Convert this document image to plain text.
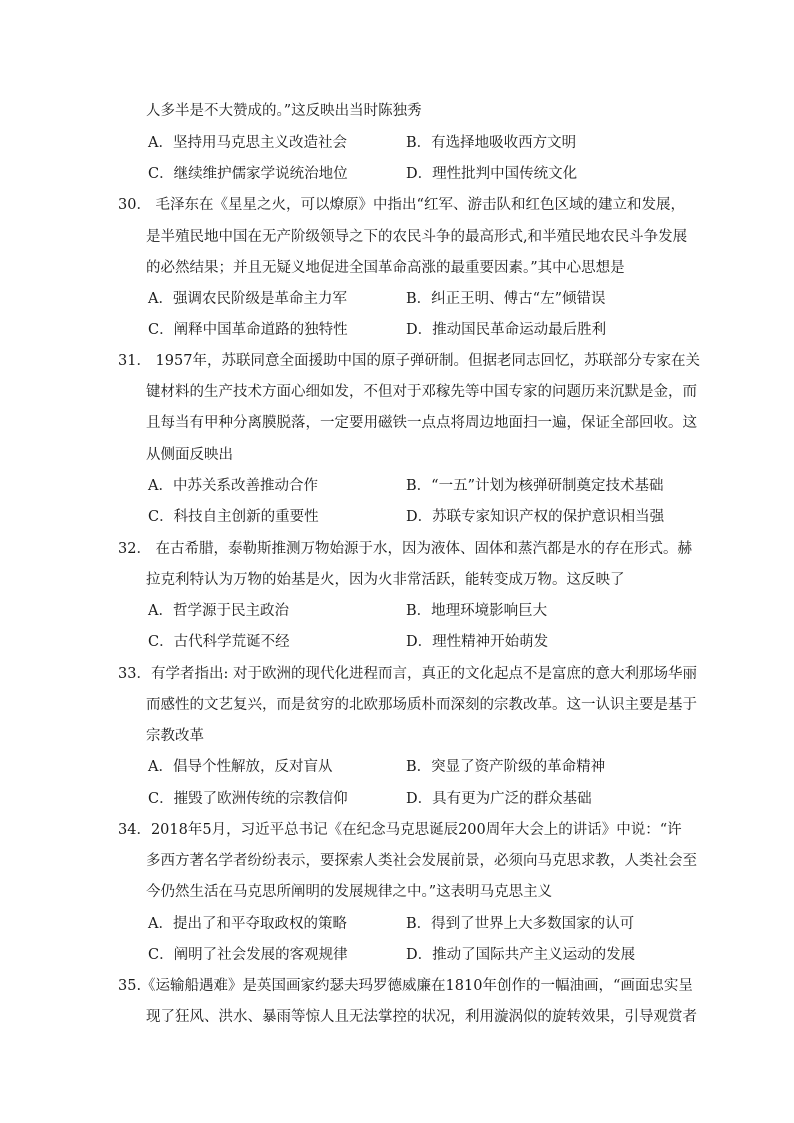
人多半是不大赞成的。”这反映出当时陈独秀
A．坚持用马克思主义改造社会	B．有选择地吸收西方文明
C．继续维护儒家学说统治地位	D．理性批判中国传统文化
30． 毛泽东在《星星之火，可以燎原》中指出“红军、游击队和红色区域的建立和发展，
是半殖民地中国在无产阶级领导之下的农民斗争的最高形式,和半殖民地农民斗争发展
的必然结果；并且无疑义地促进全国革命高涨的最重要因素。”其中心思想是
A．强调农民阶级是革命主力军	B．纠正王明、傅古“左”倾错误
C．阐释中国革命道路的独特性	D．推动国民革命运动最后胜利
31． 1957年，苏联同意全面援助中国的原子弹研制。但据老同志回忆，苏联部分专家在关
键材料的生产技术方面心细如发，不但对于邓稼先等中国专家的问题历来沉默是金，而
且每当有甲种分离膜脱落，一定要用磁铁一点点将周边地面扫一遍，保证全部回收。这
从侧面反映出
A．中苏关系改善推动合作	B．“一五”计划为核弹研制奠定技术基础
C．科技自主创新的重要性	D．苏联专家知识产权的保护意识相当强
32． 在古希腊，泰勒斯推测万物始源于水，因为液体、固体和蒸汽都是水的存在形式。赫
拉克利特认为万物的始基是火，因为火非常活跃，能转变成万物。这反映了
A．哲学源于民主政治	B．地理环境影响巨大
C．古代科学荒诞不经	D．理性精神开始萌发
33．有学者指出: 对于欧洲的现代化进程而言，真正的文化起点不是富庶的意大利那场华丽
而感性的文艺复兴，而是贫穷的北欧那场质朴而深刻的宗教改革。这一认识主要是基于
宗教改革
A．倡导个性解放，反对盲从	B．突显了资产阶级的革命精神
C．摧毁了欧洲传统的宗教信仰	D．具有更为广泛的群众基础
34．2018年5月，习近平总书记《在纪念马克思诞辰200周年大会上的讲话》中说：“许
多西方著名学者纷纷表示，要探索人类社会发展前景，必须向马克思求教，人类社会至
今仍然生活在马克思所阐明的发展规律之中。”这表明马克思主义
A．提出了和平夺取政权的策略	B．得到了世界上大多数国家的认可
C．阐明了社会发展的客观规律	D．推动了国际共产主义运动的发展
35.《运输船遇难》是英国画家约瑟夫玛罗德威廉在1810年创作的一幅油画，“画面忠实呈
现了狂风、洪水、暴雨等惊人且无法掌控的状况，利用漩涡似的旋转效果，引导观赏者
